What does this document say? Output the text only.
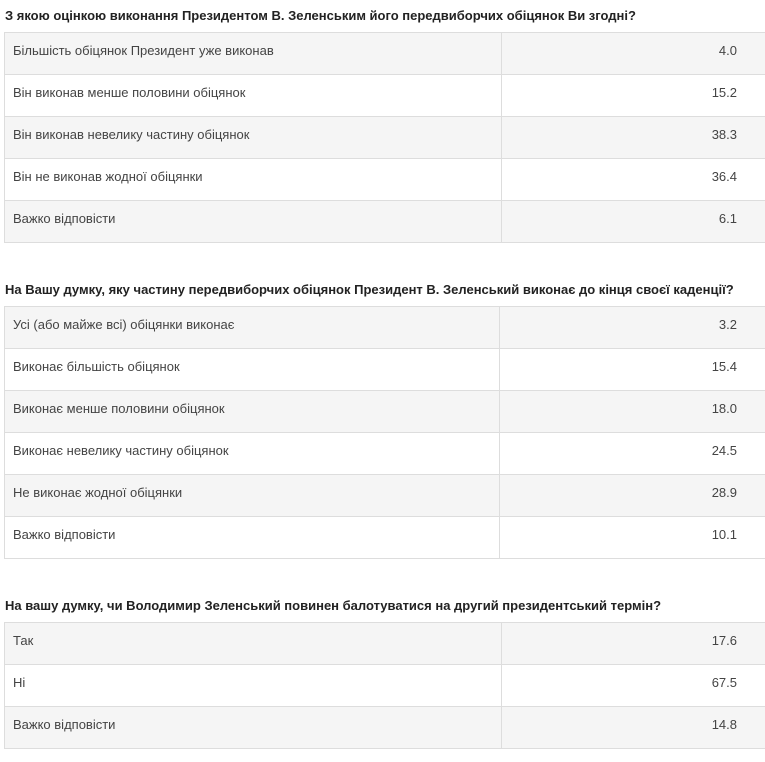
З якою оцінкою виконання Президентом В. Зеленським його передвиборчих обіцянок Ви згодні?
Більшість обіцянок Президент уже виконав	4.0
Він виконав менше половини обіцянок	15.2
Він виконав невелику частину обіцянок	38.3
Він не виконав жодної обіцянки	36.4
Важко відповісти	6.1
На Вашу думку, яку частину передвиборчих обіцянок Президент В. Зеленський виконає до кінця своєї каденції?
Усі (або майже всі) обіцянки виконає	3.2
Виконає більшість обіцянок	15.4
Виконає менше половини обіцянок	18.0
Виконає невелику частину обіцянок	24.5
Не виконає жодної обіцянки	28.9
Важко відповісти	10.1
На вашу думку, чи Володимир Зеленський повинен балотуватися на другий президентський термін?
Так	17.6
Ні	67.5
Важко відповісти	14.8
